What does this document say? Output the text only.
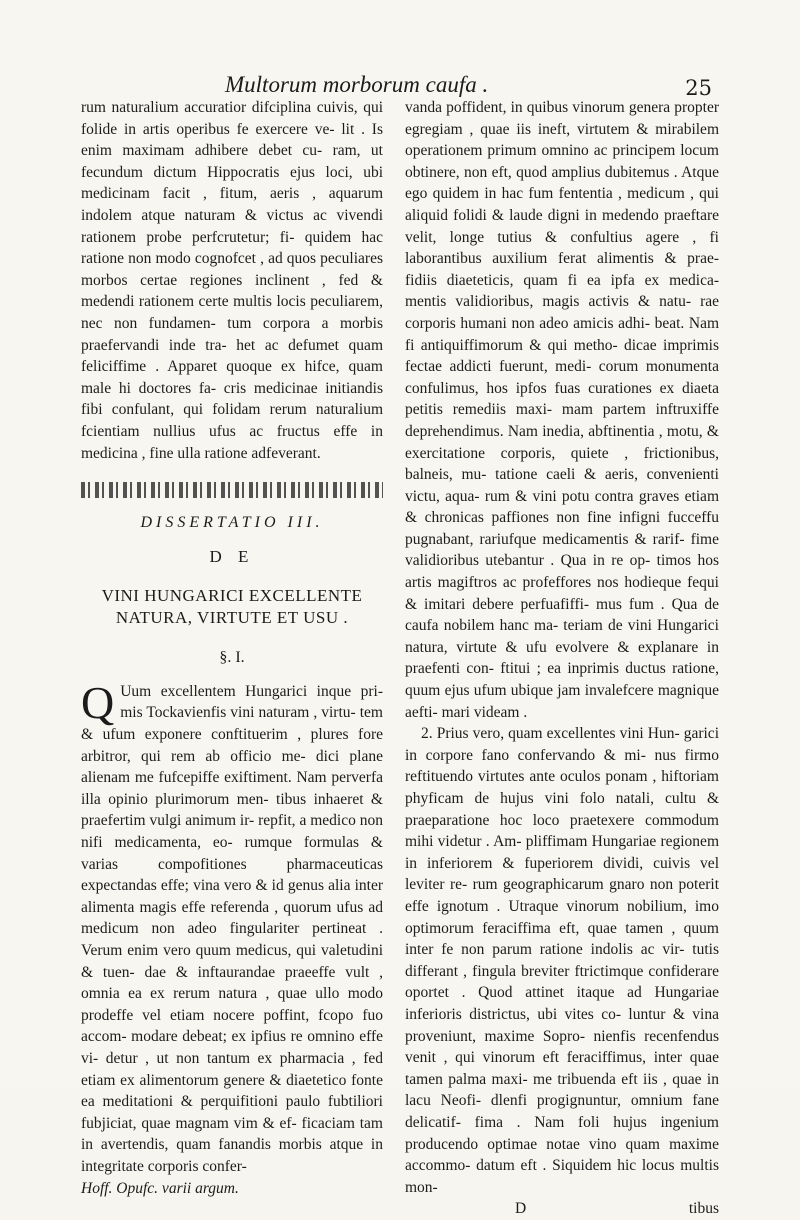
Multorum morborum caufa .	25

rum naturalium accuratior difciplina cuivis, qui folide in artis operibus fe exercere ve- lit . Is enim maximam adhibere debet cu- ram, ut fecundum dictum Hippocratis ejus loci, ubi medicinam facit , fitum, aeris , aquarum indolem atque naturam & victus ac vivendi rationem probe perfcrutetur; fi- quidem hac ratione non modo cognofcet , ad quos peculiares morbos certae regiones inclinent , fed & medendi rationem certe multis locis peculiarem, nec non fundamen- tum corpora a morbis praefervandi inde tra- het ac defumet quam feliciffime . Apparet quoque ex hifce, quam male hi doctores fa- cris medicinae initiandis fibi confulant, qui folidam rerum naturalium fcientiam nullius ufus ac fructus effe in medicina , fine ulla ratione adfeverant.

DISSERTATIO III.
D E
VINI HUNGARICI EXCELLENTE NATURA, VIRTUTE ET USU .
§. I.

Q Uum excellentem Hungarici inque pri- mis Tockavienfis vini naturam , virtu- tem & ufum exponere conftituerim , plures fore arbitror, qui rem ab officio me- dici plane alienam me fufcepiffe exiftiment. Nam perverfa illa opinio plurimorum men- tibus inhaeret & praefertim vulgi animum ir- repfit, a medico non nifi medicamenta, eo- rumque formulas & varias compofitiones pharmaceuticas expectandas effe; vina vero & id genus alia inter alimenta magis effe referenda , quorum ufus ad medicum non adeo fingulariter pertineat . Verum enim vero quum medicus, qui valetudini & tuen- dae & inftaurandae praeeffe vult , omnia ea ex rerum natura , quae ullo modo prodeffe vel etiam nocere poffint, fcopo fuo accom- modare debeat; ex ipfius re omnino effe vi- detur , ut non tantum ex pharmacia , fed etiam ex alimentorum genere & diaetetico fonte ea meditationi & perquifitioni paulo fubtiliori fubjiciat, quae magnam vim & ef- ficaciam tam in avertendis, quam fanandis morbis atque in integritate corporis confer-

Hoff. Opufc. varii argum.

vanda poffident, in quibus vinorum genera propter egregiam , quae iis ineft, virtutem & mirabilem operationem primum omnino ac principem locum obtinere, non eft, quod amplius dubitemus . Atque ego quidem in hac fum fententia , medicum , qui aliquid folidi & laude digni in medendo praeftare velit, longe tutius & confultius agere , fi laborantibus auxilium ferat alimentis & prae- fidiis diaeteticis, quam fi ea ipfa ex medica- mentis validioribus, magis activis & natu- rae corporis humani non adeo amicis adhi- beat. Nam fi antiquiffimorum & qui metho- dicae imprimis fectae addicti fuerunt, medi- corum monumenta confulimus, hos ipfos fuas curationes ex diaeta petitis remediis maxi- mam partem inftruxiffe deprehendimus. Nam inedia, abftinentia , motu, & exercitatione corporis, quiete , frictionibus, balneis, mu- tatione caeli & aeris, convenienti victu, aqua- rum & vini potu contra graves etiam & chronicas paffiones non fine infigni fucceffu pugnabant, rariufque medicamentis & rarif- fime validioribus utebantur . Qua in re op- timos hos artis magiftros ac profeffores nos hodieque fequi & imitari debere perfuafiffi- mus fum . Qua de caufa nobilem hanc ma- teriam de vini Hungarici natura, virtute & ufu evolvere & explanare in praefenti con- ftitui ; ea inprimis ductus ratione, quum ejus ufum ubique jam invalefcere magnique aefti- mari videam .

2. Prius vero, quam excellentes vini Hun- garici in corpore fano confervando & mi- nus firmo reftituendo virtutes ante oculos ponam , hiftoriam phyficam de hujus vini folo natali, cultu & praeparatione hoc loco praetexere commodum mihi videtur . Am- pliffimam Hungariae regionem in inferiorem & fuperiorem dividi, cuivis vel leviter re- rum geographicarum gnaro non poterit effe ignotum . Utraque vinorum nobilium, imo optimorum feraciffima eft, quae tamen , quum inter fe non parum ratione indolis ac vir- tutis differant , fingula breviter ftrictimque confiderare oportet . Quod attinet itaque ad Hungariae inferioris districtus, ubi vites co- luntur & vina proveniunt, maxime Sopro- nienfis recenfendus venit , qui vinorum eft feraciffimus, inter quae tamen palma maxi- me tribuenda eft iis , quae in lacu Neofi- dlenfi progignuntur, omnium fane delicatif- fima . Nam foli hujus ingenium producendo optimae notae vino quam maxime accommo- datum eft . Siquidem hic locus multis mon-

D	tibus
